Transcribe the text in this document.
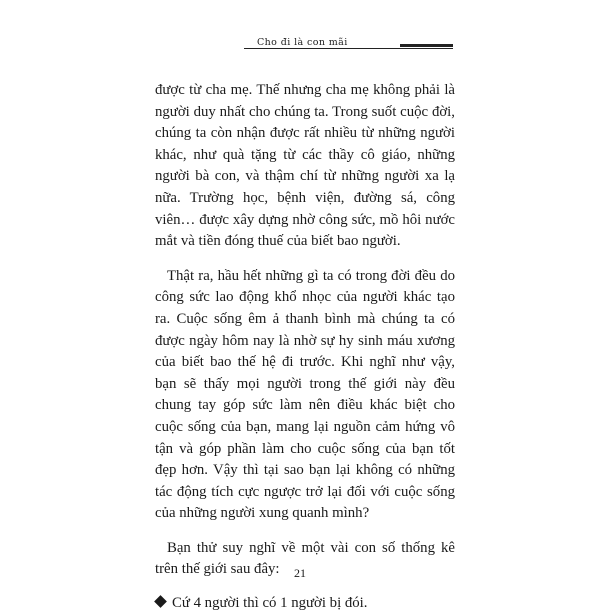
Cho đi là con mãi

được từ cha mẹ. Thế nhưng cha mẹ không phải là người duy nhất cho chúng ta. Trong suốt cuộc đời, chúng ta còn nhận được rất nhiều từ những người khác, như quà tặng từ các thầy cô giáo, những người bà con, và thậm chí từ những người xa lạ nữa. Trường học, bệnh viện, đường sá, công viên… được xây dựng nhờ công sức, mồ hôi nước mắt và tiền đóng thuế của biết bao người.

Thật ra, hầu hết những gì ta có trong đời đều do công sức lao động khổ nhọc của người khác tạo ra. Cuộc sống êm ả thanh bình mà chúng ta có được ngày hôm nay là nhờ sự hy sinh máu xương của biết bao thế hệ đi trước. Khi nghĩ như vậy, bạn sẽ thấy mọi người trong thế giới này đều chung tay góp sức làm nên điều khác biệt cho cuộc sống của bạn, mang lại nguồn cảm hứng vô tận và góp phần làm cho cuộc sống của bạn tốt đẹp hơn. Vậy thì tại sao bạn lại không có những tác động tích cực ngược trở lại đối với cuộc sống của những người xung quanh mình?

Bạn thử suy nghĩ về một vài con số thống kê trên thế giới sau đây:

Cứ 4 người thì có 1 người bị đói.
21
